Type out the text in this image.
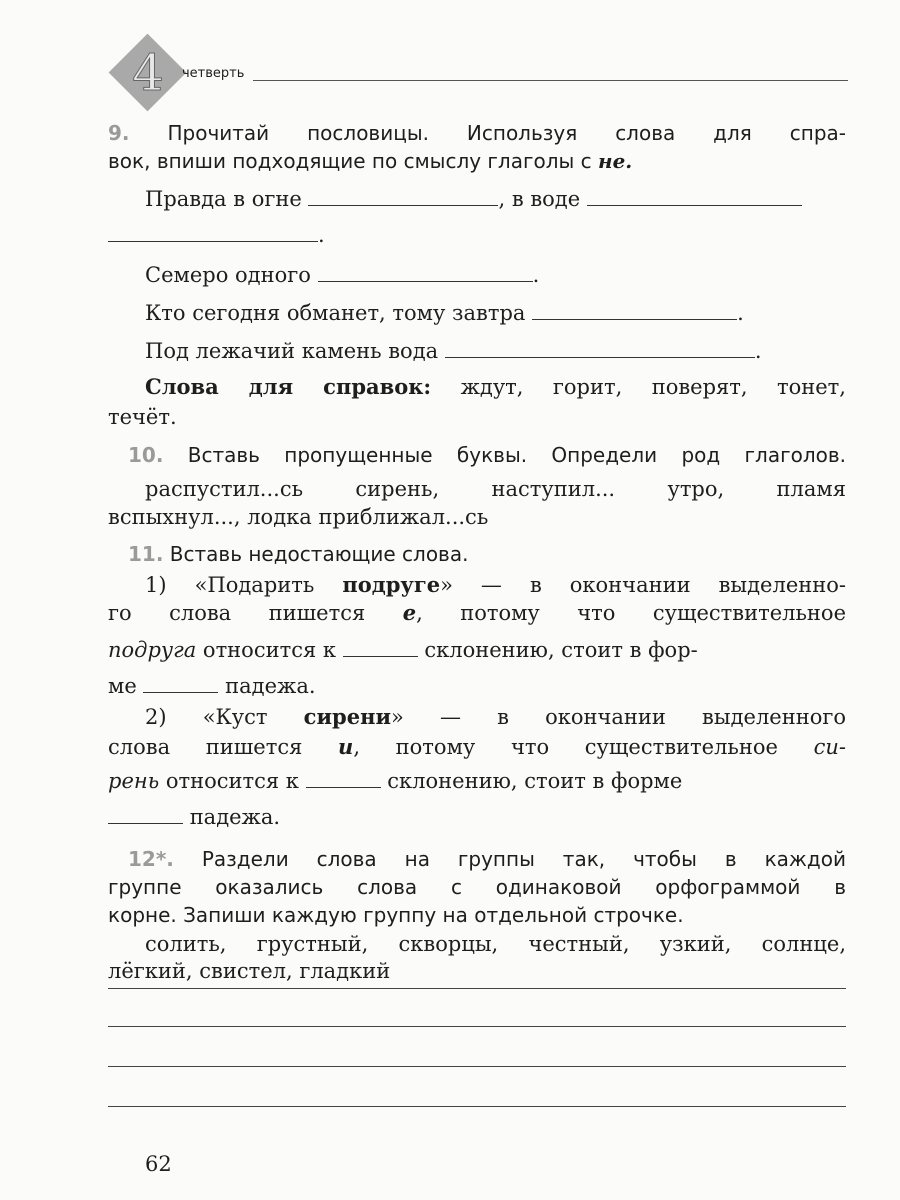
4	четверть
9. Прочитай пословицы. Используя слова для спра-
вок, впиши подходящие по смыслу глаголы с не.
Правда в огне	, в воде
.
Семеро одного	.
Кто сегодня обманет, тому завтра	.
Под лежачий камень вода	.
Слова для справок: ждут, горит, поверят, тонет,
течёт.
10. Вставь пропущенные буквы. Определи род глаголов.
распустил...сь сирень, наступил... утро, пламя
вспыхнул..., лодка приближал...сь
11. Вставь недостающие слова.
1) «Подарить подруге» — в окончании выделенно-
го слова пишется е, потому что существительное
подруга относится к	склонению, стоит в фор-
ме	падежа.
2) «Куст сирени» — в окончании выделенного
слова пишется и, потому что существительное си-
рень относится к	склонению, стоит в форме
падежа.
12*. Раздели слова на группы так, чтобы в каждой
группе оказались слова с одинаковой орфограммой в
корне. Запиши каждую группу на отдельной строчке.
солить, грустный, скворцы, честный, узкий, солнце,
лёгкий, свистел, гладкий
62
